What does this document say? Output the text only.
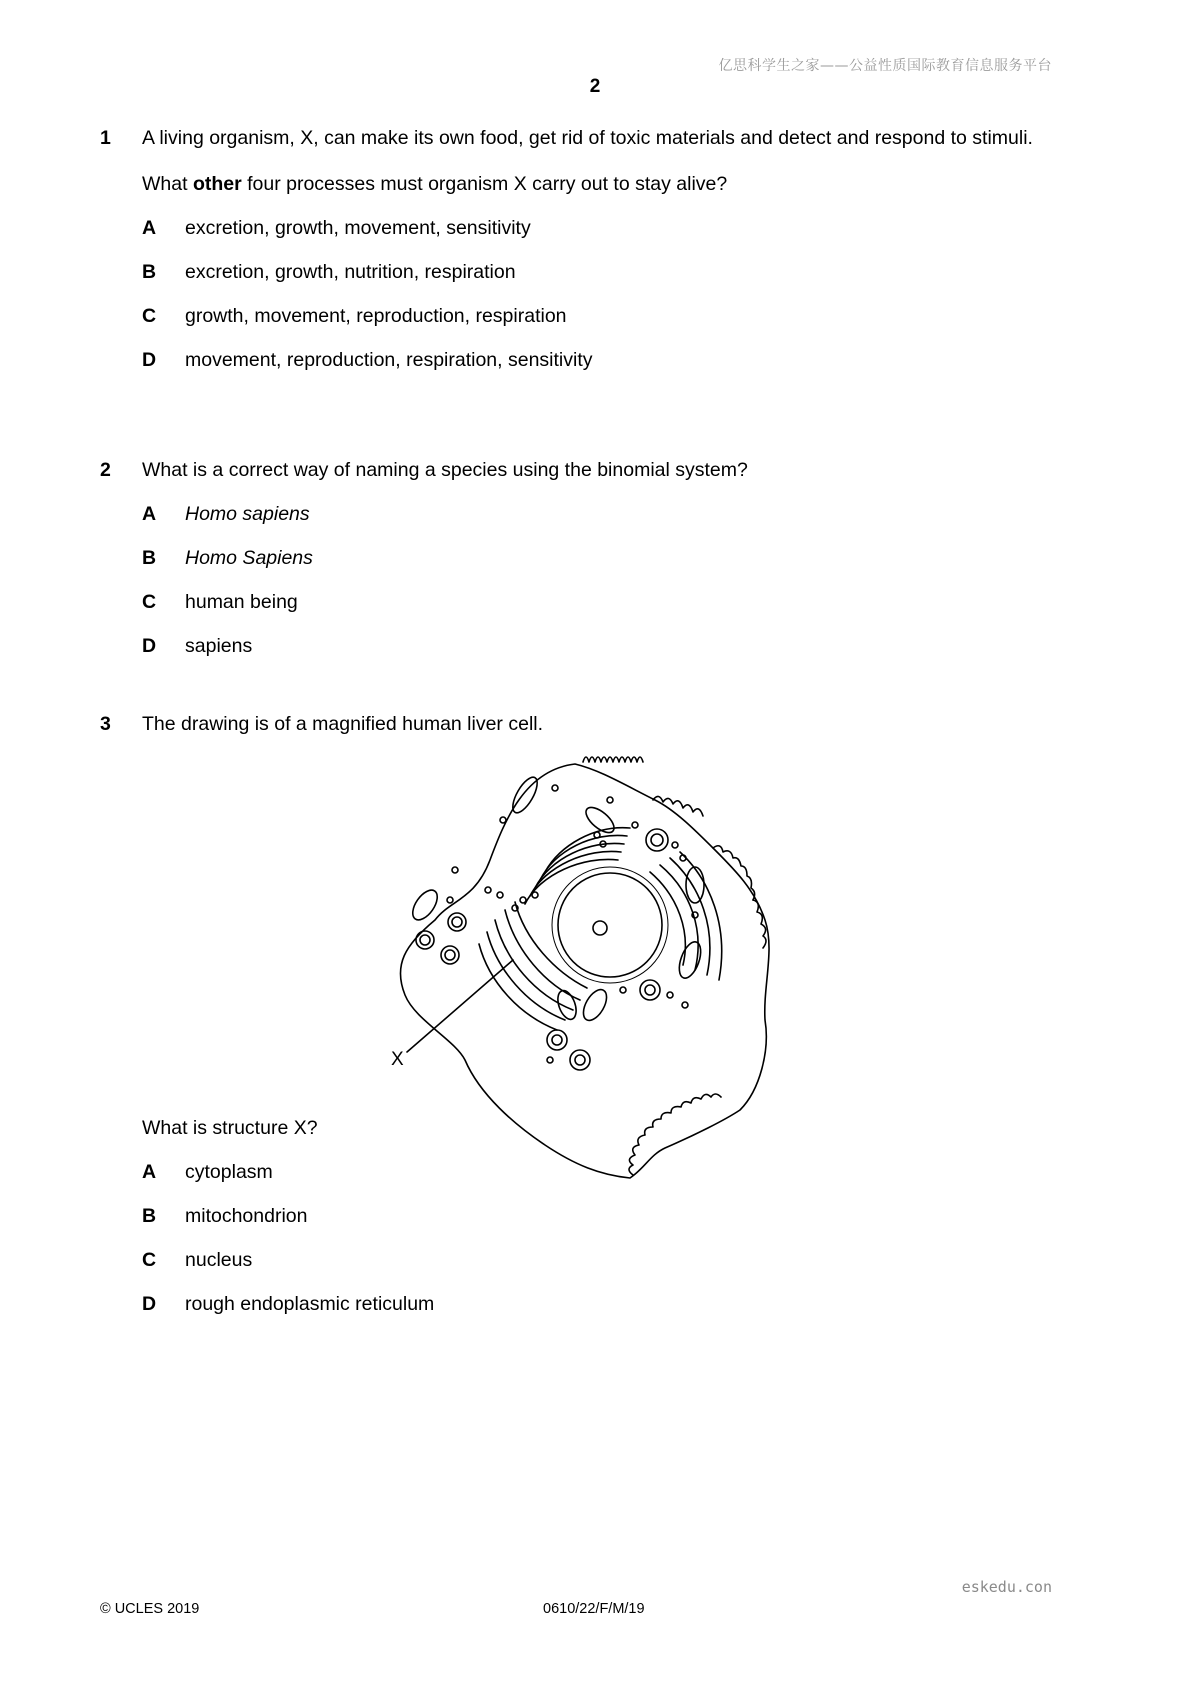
亿思科学生之家——公益性质国际教育信息服务平台
2
1 A living organism, X, can make its own food, get rid of toxic materials and detect and respond to stimuli.
What other four processes must organism X carry out to stay alive?
A excretion, growth, movement, sensitivity
B excretion, growth, nutrition, respiration
C growth, movement, reproduction, respiration
D movement, reproduction, respiration, sensitivity
2 What is a correct way of naming a species using the binomial system?
A Homo sapiens
B Homo Sapiens
C human being
D sapiens
3 The drawing is of a magnified human liver cell.
X
What is structure X?
A cytoplasm
B mitochondrion
C nucleus
D rough endoplasmic reticulum
eskedu.con
© UCLES 2019	0610/22/F/M/19
